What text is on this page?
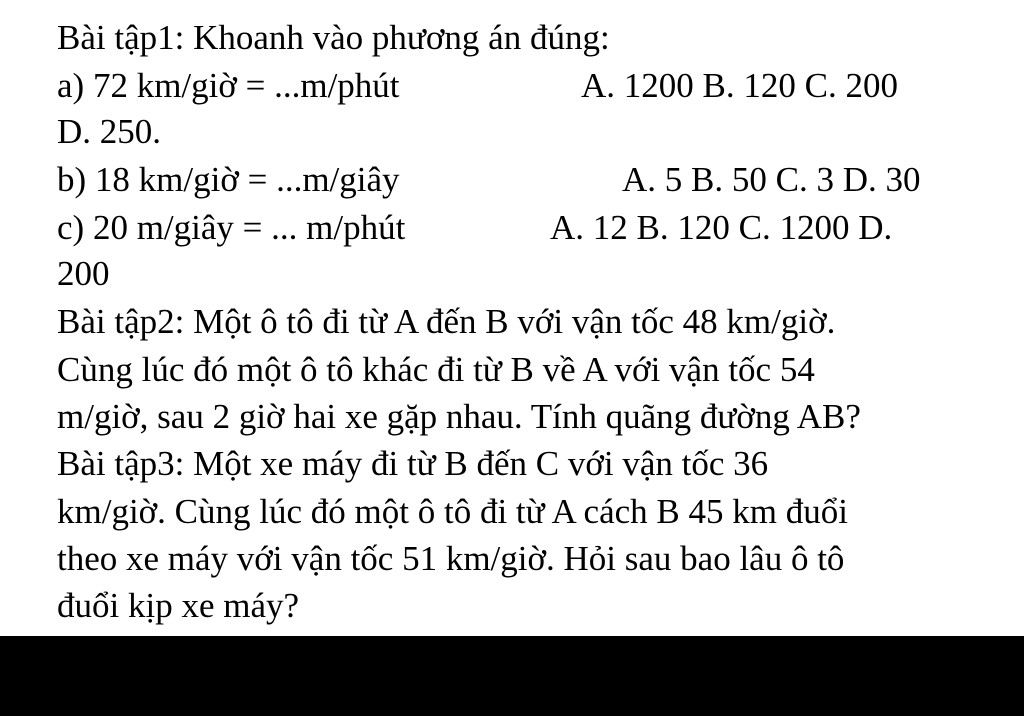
Bài tập1: Khoanh vào phương án đúng:
a) 72 km/giờ = ...m/phút	A. 1200 B. 120 C. 200
D. 250.
b) 18 km/giờ = ...m/giây	A. 5 B. 50 C. 3 D. 30
c) 20 m/giây = ... m/phút	A. 12 B. 120 C. 1200 D.
200
Bài tập2: Một ô tô đi từ A đến B với vận tốc 48 km/giờ.
Cùng lúc đó một ô tô khác đi từ B về A với vận tốc 54
m/giờ, sau 2 giờ hai xe gặp nhau. Tính quãng đường AB?
Bài tập3: Một xe máy đi từ B đến C với vận tốc 36
km/giờ. Cùng lúc đó một ô tô đi từ A cách B 45 km đuổi
theo xe máy với vận tốc 51 km/giờ. Hỏi sau bao lâu ô tô
đuổi kịp xe máy?
